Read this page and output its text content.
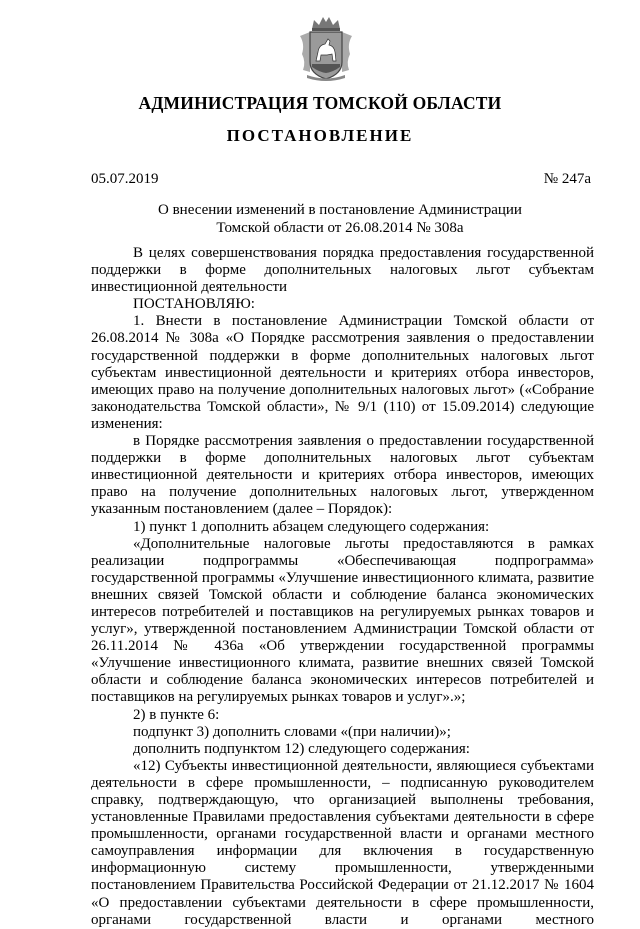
АДМИНИСТРАЦИЯ ТОМСКОЙ ОБЛАСТИ
ПОСТАНОВЛЕНИЕ
05.07.2019	№ 247а
О внесении изменений в постановление Администрации
Томской области от 26.08.2014 № 308а

В целях совершенствования порядка предоставления государственной поддержки в форме дополнительных налоговых льгот субъектам инвестиционной деятельности

ПОСТАНОВЛЯЮ:

1. Внести в постановление Администрации Томской области от 26.08.2014 № 308а «О Порядке рассмотрения заявления о предоставлении государственной поддержки в форме дополнительных налоговых льгот субъектам инвестиционной деятельности и критериях отбора инвесторов, имеющих право на получение дополнительных налоговых льгот» («Собрание законодательства Томской области», № 9/1 (110) от 15.09.2014) следующие изменения:

в Порядке рассмотрения заявления о предоставлении государственной поддержки в форме дополнительных налоговых льгот субъектам инвестиционной деятельности и критериях отбора инвесторов, имеющих право на получение дополнительных налоговых льгот, утвержденном указанным постановлением (далее – Порядок):

1) пункт 1 дополнить абзацем следующего содержания:

«Дополнительные налоговые льготы предоставляются в рамках реализации подпрограммы «Обеспечивающая подпрограмма» государственной программы «Улучшение инвестиционного климата, развитие внешних связей Томской области и соблюдение баланса экономических интересов потребителей и поставщиков на регулируемых рынках товаров и услуг», утвержденной постановлением Администрации Томской области от 26.11.2014 № 436а «Об утверждении государственной программы «Улучшение инвестиционного климата, развитие внешних связей Томской области и соблюдение баланса экономических интересов потребителей и поставщиков на регулируемых рынках товаров и услуг».»;

2) в пункте 6:

подпункт 3) дополнить словами «(при наличии)»;

дополнить подпунктом 12) следующего содержания:

«12) Субъекты инвестиционной деятельности, являющиеся субъектами деятельности в сфере промышленности, – подписанную руководителем справку, подтверждающую, что организацией выполнены требования, установленные Правилами предоставления субъектами деятельности в сфере промышленности, органами государственной власти и органами местного самоуправления информации для включения в государственную информационную систему промышленности, утвержденными постановлением Правительства Российской Федерации от 21.12.2017 № 1604 «О предоставлении субъектами деятельности в сфере промышленности, органами государственной власти и органами местного
